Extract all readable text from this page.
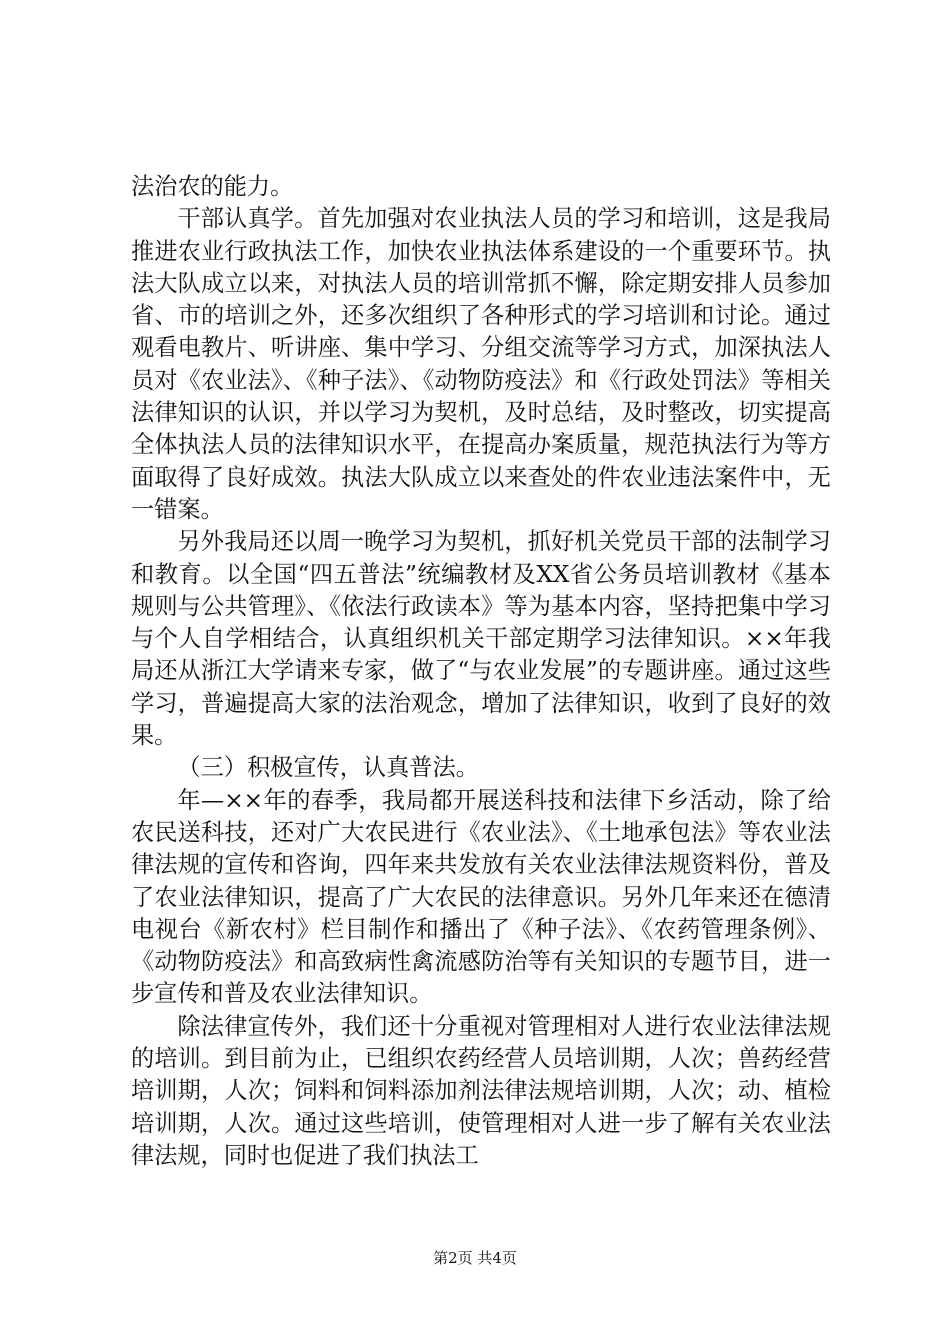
法治农的能力。

干部认真学。首先加强对农业执法人员的学习和培训，这是我局推进农业行政执法工作，加快农业执法体系建设的一个重要环节。执法大队成立以来，对执法人员的培训常抓不懈，除定期安排人员参加省、市的培训之外，还多次组织了各种形式的学习培训和讨论。通过观看电教片、听讲座、集中学习、分组交流等学习方式，加深执法人员对《农业法》、《种子法》、《动物防疫法》和《行政处罚法》等相关法律知识的认识，并以学习为契机，及时总结，及时整改，切实提高全体执法人员的法律知识水平，在提高办案质量，规范执法行为等方面取得了良好成效。执法大队成立以来查处的件农业违法案件中，无一错案。

另外我局还以周一晚学习为契机，抓好机关党员干部的法制学习和教育。以全国“四五普法”统编教材及XX省公务员培训教材《基本规则与公共管理》、《依法行政读本》等为基本内容，坚持把集中学习与个人自学相结合，认真组织机关干部定期学习法律知识。××年我局还从浙江大学请来专家，做了“与农业发展”的专题讲座。通过这些学习，普遍提高大家的法治观念，增加了法律知识，收到了良好的效果。

（三）积极宣传，认真普法。

年—××年的春季，我局都开展送科技和法律下乡活动，除了给农民送科技，还对广大农民进行《农业法》、《土地承包法》等农业法律法规的宣传和咨询，四年来共发放有关农业法律法规资料份，普及了农业法律知识，提高了广大农民的法律意识。另外几年来还在德清电视台《新农村》栏目制作和播出了《种子法》、《农药管理条例》、《动物防疫法》和高致病性禽流感防治等有关知识的专题节目，进一步宣传和普及农业法律知识。

除法律宣传外，我们还十分重视对管理相对人进行农业法律法规的培训。到目前为止，已组织农药经营人员培训期，人次；兽药经营培训期，人次；饲料和饲料添加剂法律法规培训期，人次；动、植检培训期，人次。通过这些培训，使管理相对人进一步了解有关农业法律法规，同时也促进了我们执法工

第2页 共4页
